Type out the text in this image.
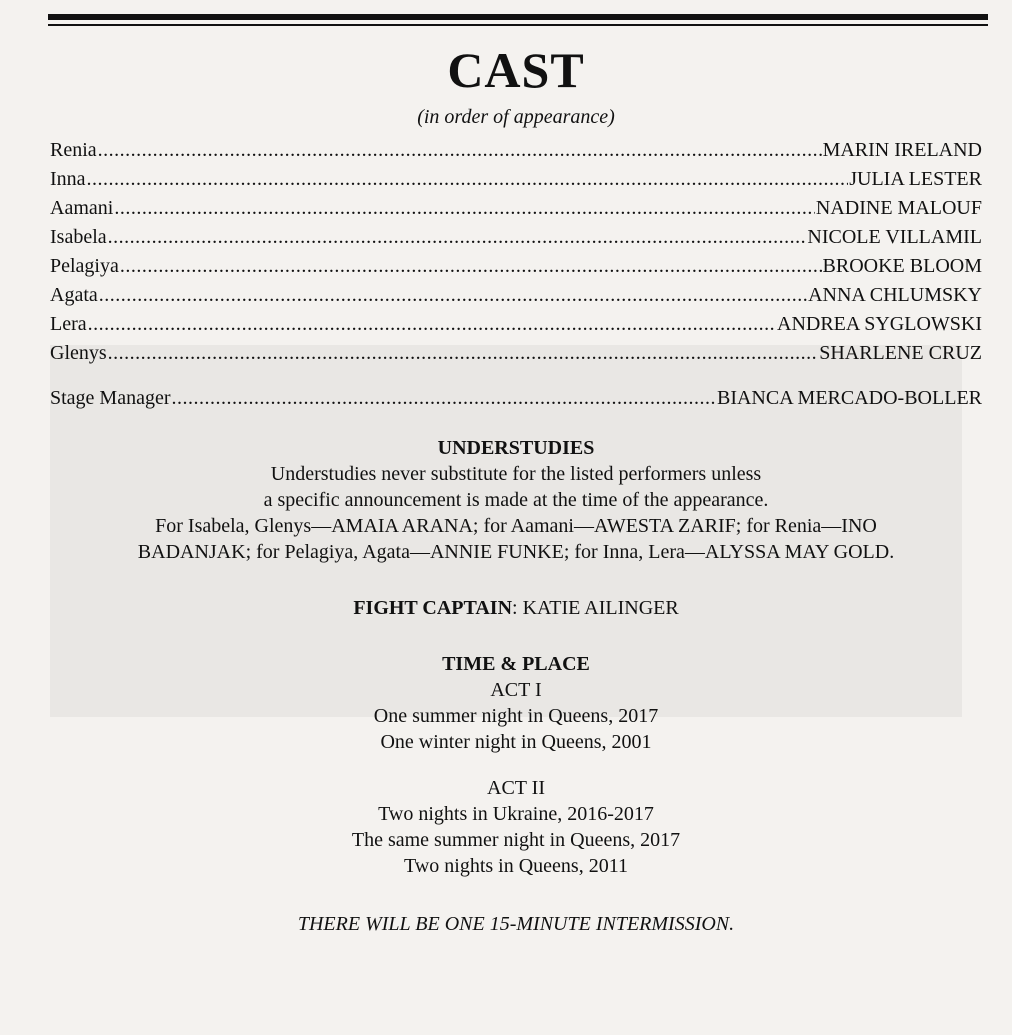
CAST
(in order of appearance)
Renia .....	MARIN IRELAND
Inna .....	JULIA LESTER
Aamani .....	NADINE MALOUF
Isabela .....	NICOLE VILLAMIL
Pelagiya .....	BROOKE BLOOM
Agata .....	ANNA CHLUMSKY
Lera .....	ANDREA SYGLOWSKI
Glenys .....	SHARLENE CRUZ
Stage Manager .....	BIANCA MERCADO-BOLLER
UNDERSTUDIES
Understudies never substitute for the listed performers unless
a specific announcement is made at the time of the appearance.
For Isabela, Glenys—AMAIA ARANA; for Aamani—AWESTA ZARIF; for Renia—INO
BADANJAK; for Pelagiya, Agata—ANNIE FUNKE; for Inna, Lera—ALYSSA MAY GOLD.
FIGHT CAPTAIN: KATIE AILINGER
TIME & PLACE
ACT I
One summer night in Queens, 2017
One winter night in Queens, 2001
ACT II
Two nights in Ukraine, 2016-2017
The same summer night in Queens, 2017
Two nights in Queens, 2011
THERE WILL BE ONE 15-MINUTE INTERMISSION.
